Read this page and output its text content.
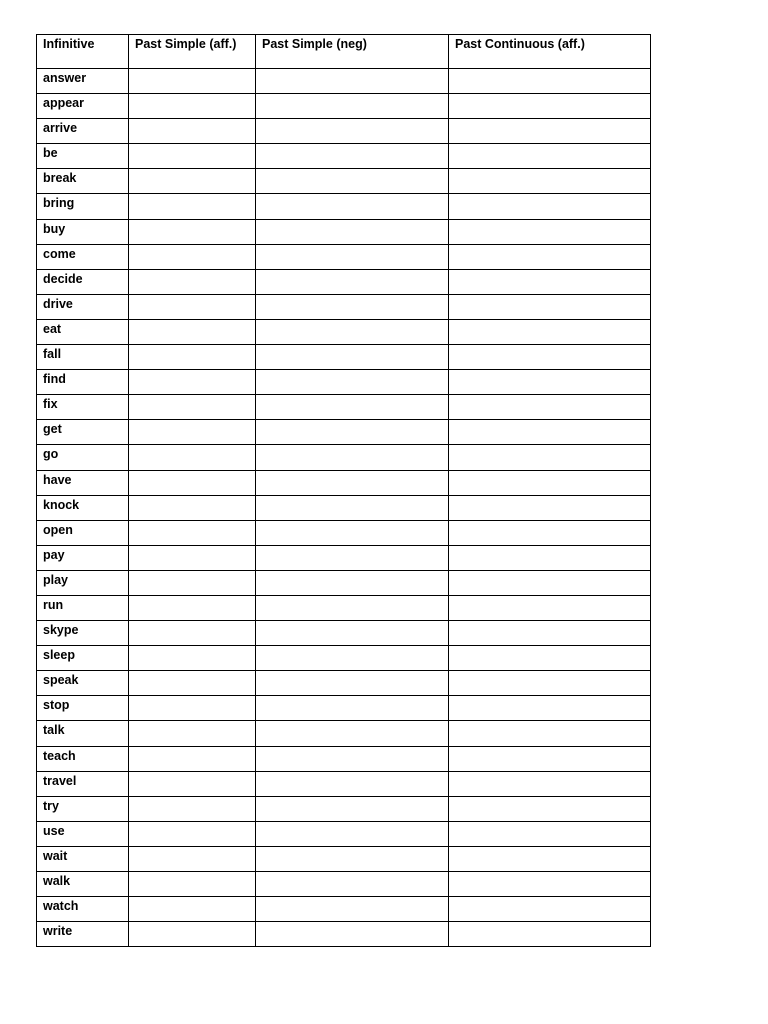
Infinitive	Past Simple (aff.)	Past Simple (neg)	Past Continuous (aff.)
answer			
appear			
arrive			
be			
break			
bring			
buy			
come			
decide			
drive			
eat			
fall			
find			
fix			
get			
go			
have			
knock			
open			
pay			
play			
run			
skype			
sleep			
speak			
stop			
talk			
teach			
travel			
try			
use			
wait			
walk			
watch			
write			
